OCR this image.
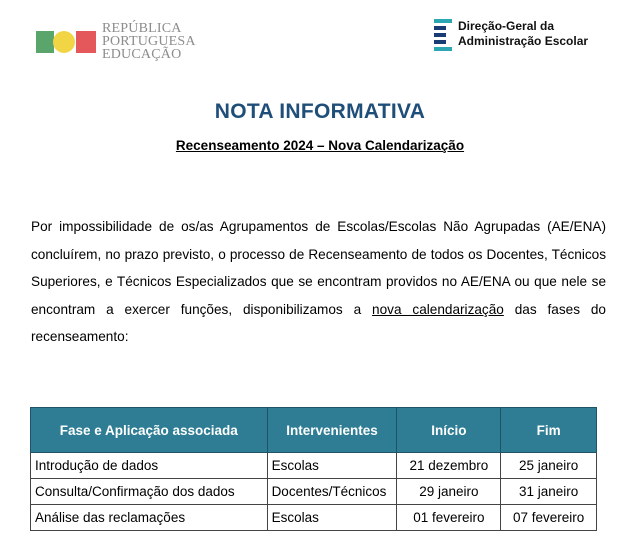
REPÚBLICA
PORTUGUESA
EDUCAÇÃO
Direção-Geral da
Administração Escolar
NOTA INFORMATIVA
Recenseamento 2024 – Nova Calendarização
Por impossibilidade de os/as Agrupamentos de Escolas/Escolas Não Agrupadas (AE/ENA) concluírem, no prazo previsto, o processo de Recenseamento de todos os Docentes, Técnicos Superiores, e Técnicos Especializados que se encontram providos no AE/ENA ou que nele se encontram a exercer funções, disponibilizamos a nova calendarização das fases do recenseamento:
Fase e Aplicação associada	Intervenientes	Início	Fim
Introdução de dados	Escolas	21 dezembro	25 janeiro
Consulta/Confirmação dos dados	Docentes/Técnicos	29 janeiro	31 janeiro
Análise das reclamações	Escolas	01 fevereiro	07 fevereiro
